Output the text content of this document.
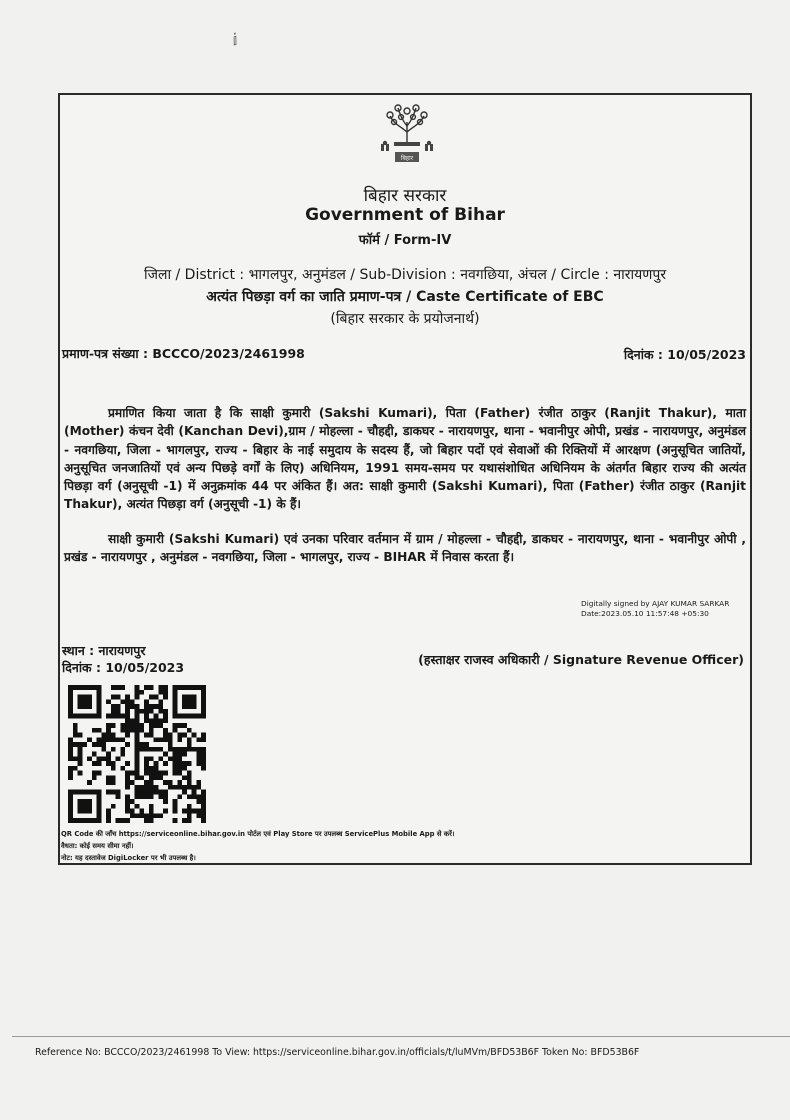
ⅈ
बिहार
बिहार सरकार
Government of Bihar
फॉर्म / Form-IV
जिला / District : भागलपुर, अनुमंडल / Sub-Division : नवगछिया, अंचल / Circle : नारायणपुर
अत्यंत पिछड़ा वर्ग का जाति प्रमाण-पत्र / Caste Certificate of EBC
(बिहार सरकार के प्रयोजनार्थ)
प्रमाण-पत्र संख्या : BCCCO/2023/2461998	दिनांक : 10/05/2023

प्रमाणित किया जाता है कि साक्षी कुमारी (Sakshi Kumari), पिता (Father) रंजीत ठाकुर (Ranjit Thakur), माता (Mother) कंचन देवी (Kanchan Devi),ग्राम / मोहल्ला - चौहद्दी, डाकघर - नारायणपुर, थाना - भवानीपुर ओपी, प्रखंड - नारायणपुर, अनुमंडल - नवगछिया, जिला - भागलपुर, राज्य - बिहार के नाई समुदाय के सदस्य हैं, जो बिहार पदों एवं सेवाओं की रिक्तियों में आरक्षण (अनुसूचित जातियों, अनुसूचित जनजातियों एवं अन्य पिछड़े वर्गों के लिए) अधिनियम, 1991 समय-समय पर यथासंशोधित अधिनियम के अंतर्गत बिहार राज्य की अत्यंत पिछड़ा वर्ग (अनुसूची -1) में अनुक्रमांक 44 पर अंकित हैं। अत: साक्षी कुमारी (Sakshi Kumari), पिता (Father) रंजीत ठाकुर (Ranjit Thakur), अत्यंत पिछड़ा वर्ग (अनुसूची -1) के हैं।

साक्षी कुमारी (Sakshi Kumari) एवं उनका परिवार वर्तमान में ग्राम / मोहल्ला - चौहद्दी, डाकघर - नारायणपुर, थाना - भवानीपुर ओपी , प्रखंड - नारायणपुर , अनुमंडल - नवगछिया, जिला - भागलपुर, राज्य - BIHAR में निवास करता हैं।

Digitally signed by AJAY KUMAR SARKAR
Date:2023.05.10 11:57:48 +05:30
स्थान : नारायणपुर
दिनांक : 10/05/2023
(हस्ताक्षर राजस्व अधिकारी / Signature Revenue Officer)
QR Code की जाँच https://serviceonline.bihar.gov.in पोर्टल एवं Play Store पर उपलब्ध ServicePlus Mobile App से करें।
वैधता: कोई समय सीमा नहीं।
नोट: यह दस्तावेज DigiLocker पर भी उपलब्ध है।
Reference No: BCCCO/2023/2461998 To View: https://serviceonline.bihar.gov.in/officials/t/luMVm/BFD53B6F Token No: BFD53B6F
